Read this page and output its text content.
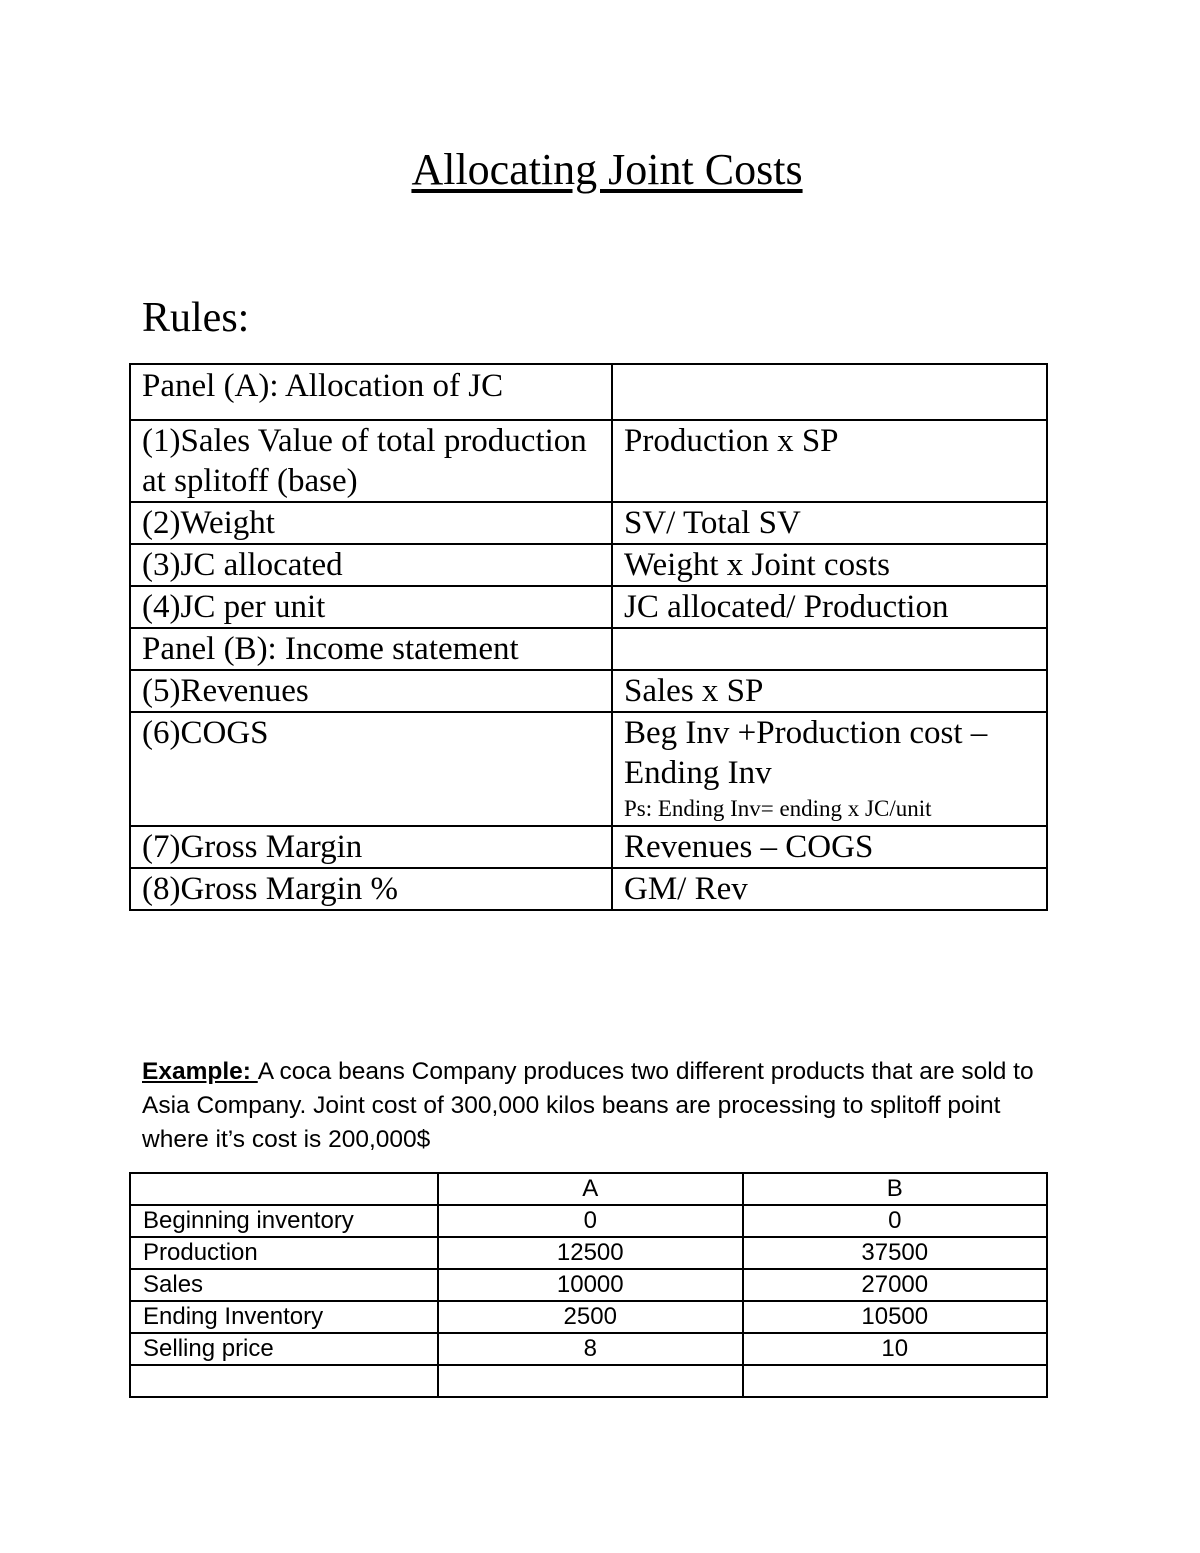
Allocating Joint Costs
Rules:
Panel (A): Allocation of JC	
(1)Sales Value of total production at splitoff (base)	Production x SP
(2)Weight	SV/ Total SV
(3)JC allocated	Weight x Joint costs
(4)JC per unit	JC allocated/ Production
Panel (B): Income statement	
(5)Revenues	Sales x SP
(6)COGS	Beg Inv +Production cost – Ending Inv
Ps: Ending Inv= ending x JC/unit

(7)Gross Margin	Revenues – COGS
(8)Gross Margin %	GM/ Rev
Example: A coca beans Company produces two different products that are sold to Asia Company. Joint cost of 300,000 kilos beans are processing to splitoff point where it’s cost is 200,000$
	A	B
Beginning inventory	0	0
Production	12500	37500
Sales	10000	27000
Ending Inventory	2500	10500
Selling price	8	10
